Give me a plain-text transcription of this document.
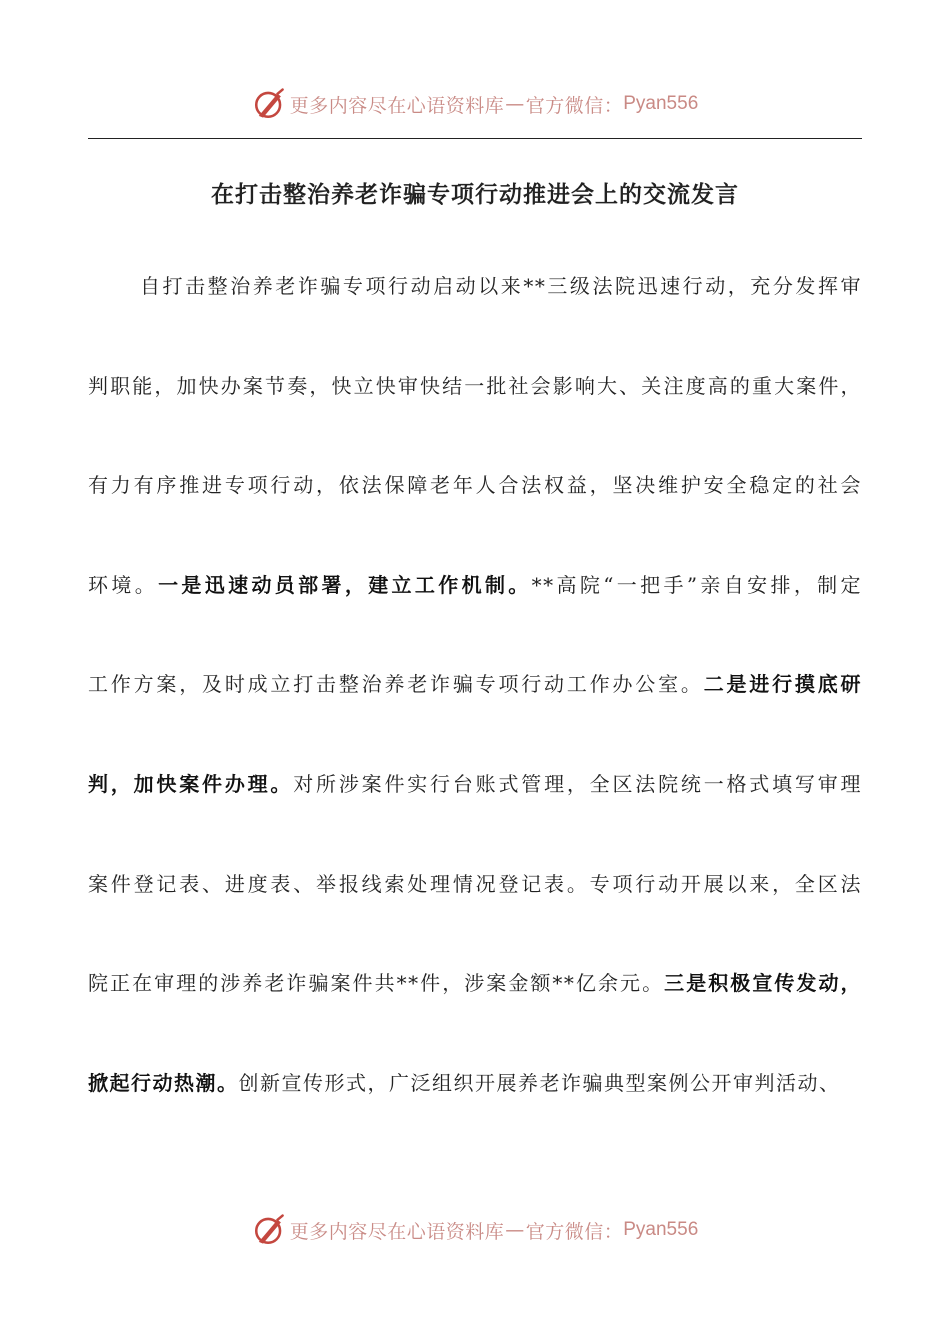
更多内容尽在心语资料库 — 官方微信： Pyan556
在打击整治养老诈骗专项行动推进会上的交流发言
自打击整治养老诈骗专项行动启动以来**三级法院迅速行动，充分发挥审
判职能，加快办案节奏，快立快审快结一批社会影响大、关注度高的重大案件，
有力有序推进专项行动，依法保障老年人合法权益，坚决维护安全稳定的社会
环境。一是迅速动员部署，建立工作机制。**高院“一把手”亲自安排，制定
工作方案，及时成立打击整治养老诈骗专项行动工作办公室。二是进行摸底研
判，加快案件办理。对所涉案件实行台账式管理，全区法院统一格式填写审理
案件登记表、进度表、举报线索处理情况登记表。专项行动开展以来，全区法
院正在审理的涉养老诈骗案件共**件，涉案金额**亿余元。三是积极宣传发动，
掀起行动热潮。创新宣传形式，广泛组织开展养老诈骗典型案例公开审判活动、
更多内容尽在心语资料库 — 官方微信： Pyan556
